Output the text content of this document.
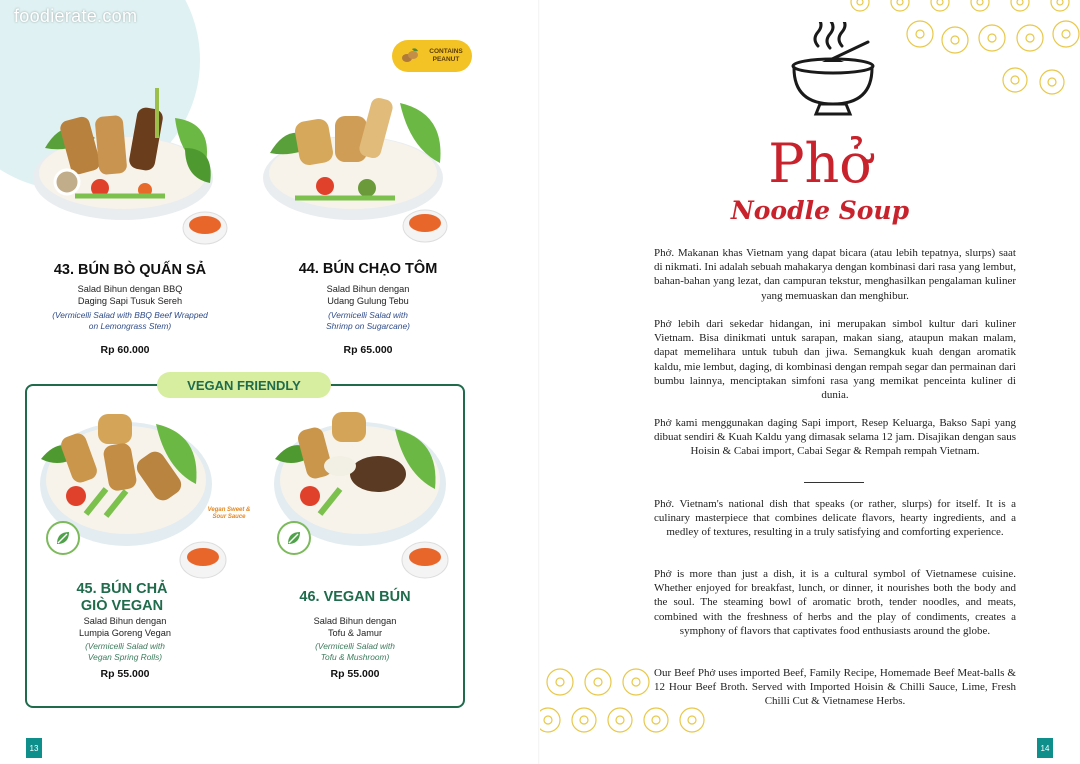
foodierate.com
CONTAINS PEANUT
43. BÚN BÒ QUẤN SẢ
Salad Bihun dengan BBQ
Daging Sapi Tusuk Sereh
(Vermicelli Salad with BBQ Beef Wrapped
on Lemongrass Stem)
Rp 60.000
44. BÚN CHẠO TÔM
Salad Bihun dengan
Udang Gulung Tebu
(Vermicelli Salad with
Shrimp on Sugarcane)
Rp 65.000
VEGAN FRIENDLY
Vegan Sweet & Sour Sauce
45. BÚN CHẢ
GIÒ VEGAN
Salad Bihun dengan
Lumpia Goreng Vegan
(Vermicelli Salad with
Vegan Spring Rolls)
Rp 55.000
46. VEGAN BÚN
Salad Bihun dengan
Tofu & Jamur
(Vermicelli Salad with
Tofu & Mushroom)
Rp 55.000
13
Phở
Noodle Soup
Phở. Makanan khas Vietnam yang dapat bicara (atau lebih tepatnya, slurps) saat di nikmati. Ini adalah sebuah mahakarya dengan kombinasi dari rasa yang lembut, bahan-bahan yang lezat, dan campuran tekstur, menghasilkan pengalaman kuliner yang memuaskan dan menghibur.
Phở lebih dari sekedar hidangan, ini merupakan simbol kultur dari kuliner Vietnam. Bisa dinikmati untuk sarapan, makan siang, ataupun makan malam, dapat memelihara untuk tubuh dan jiwa. Semangkuk kuah dengan aromatik kaldu, mie lembut, daging, di kombinasi dengan rempah segar dan permainan dari bumbu lainnya, menciptakan simfoni rasa yang memikat penceinta kuliner di dunia.
Phở kami menggunakan daging Sapi import, Resep Keluarga, Bakso Sapi yang dibuat sendiri & Kuah Kaldu yang dimasak selama 12 jam. Disajikan dengan saus Hoisin & Cabai import, Cabai Segar & Rempah rempah Vietnam.
Phở. Vietnam's national dish that speaks (or rather, slurps) for itself. It is a culinary masterpiece that combines delicate flavors, hearty ingredients, and a medley of textures, resulting in a truly satisfying and comforting experience.
Phở is more than just a dish, it is a cultural symbol of Vietnamese cuisine. Whether enjoyed for breakfast, lunch, or dinner, it nourishes both the body and the soul. The steaming bowl of aromatic broth, tender noodles, and meats, combined with the freshness of herbs and the play of condiments, creates a symphony of flavors that captivates food enthusiasts around the globe.
Our Beef Phở uses imported Beef, Family Recipe, Homemade Beef Meat-balls & 12 Hour Beef Broth. Served with Imported Hoisin & Chilli Sauce, Lime, Fresh Chilli Cut & Vietnamese Herbs.
14
